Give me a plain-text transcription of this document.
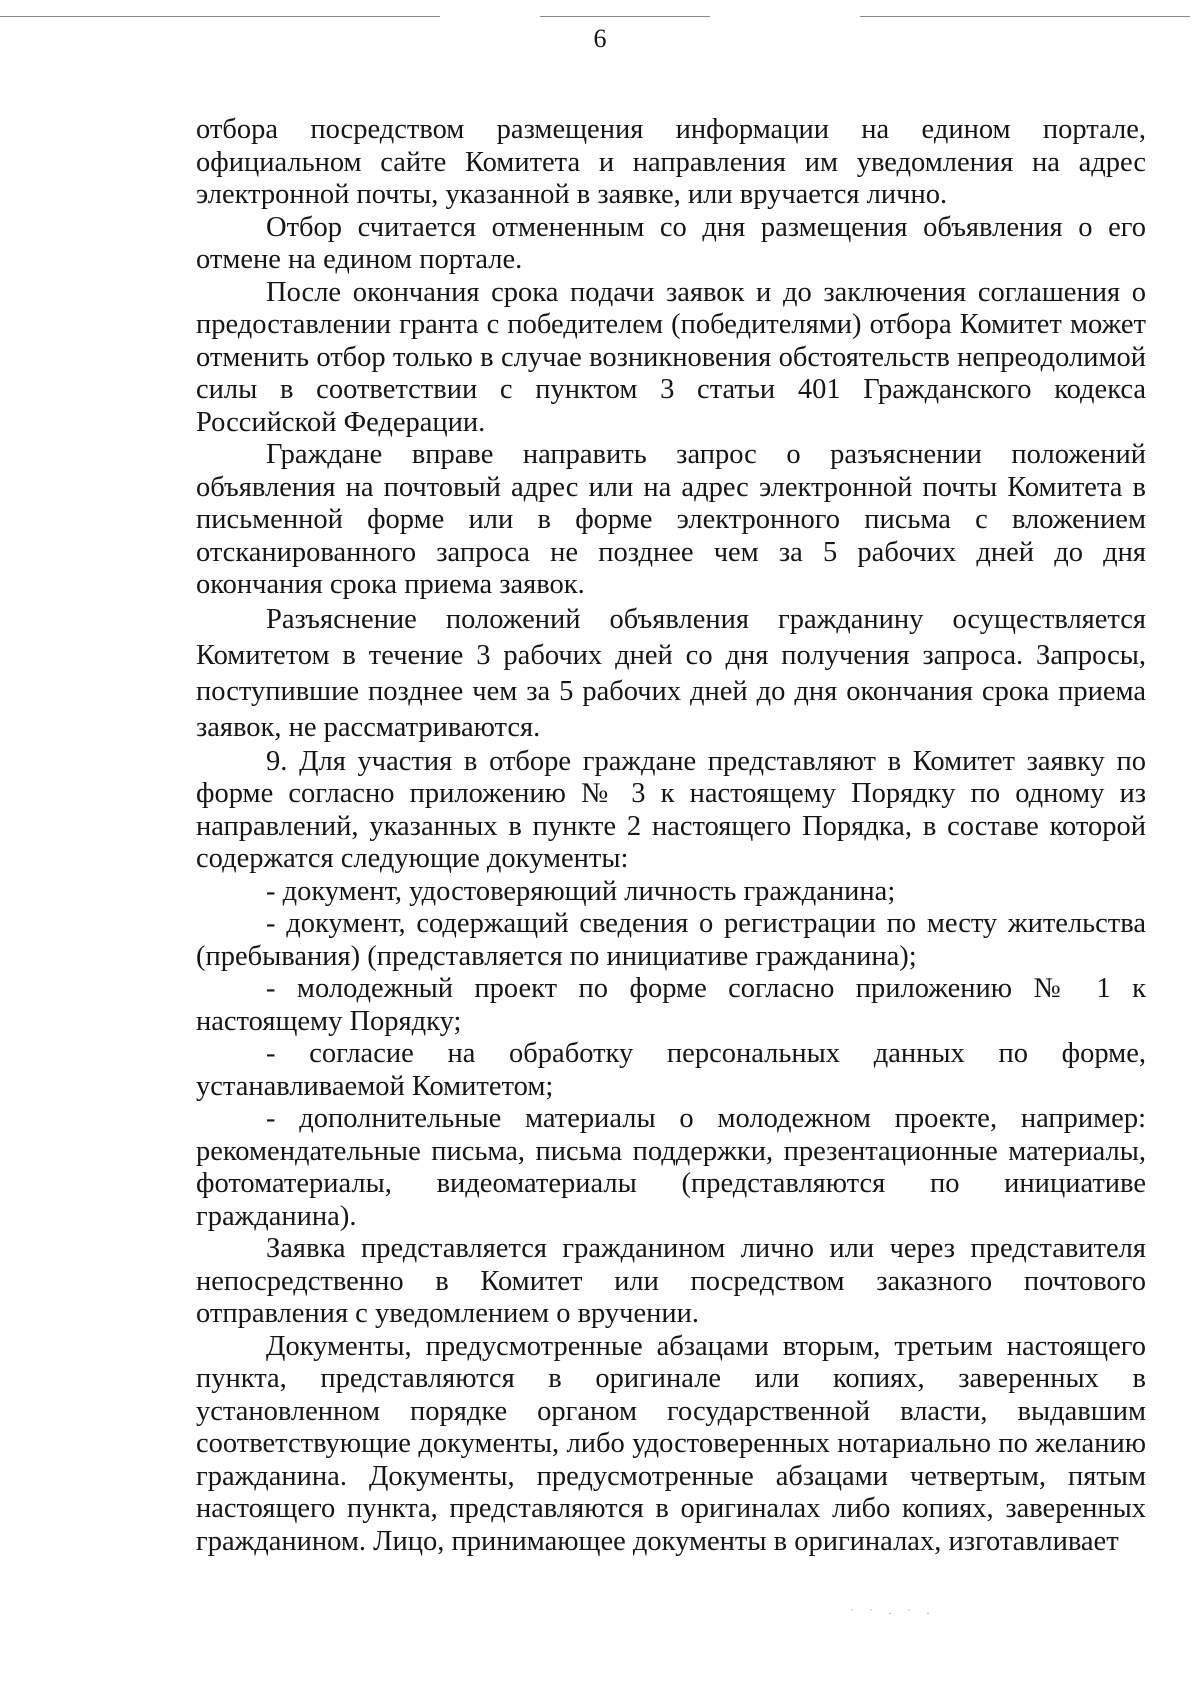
6

отбора посредством размещения информации на едином портале, официальном сайте Комитета и направления им уведомления на адрес электронной почты, указанной в заявке, или вручается лично.

Отбор считается отмененным со дня размещения объявления о его отмене на едином портале.

После окончания срока подачи заявок и до заключения соглашения о предоставлении гранта с победителем (победителями) отбора Комитет может отменить отбор только в случае возникновения обстоятельств непреодолимой силы в соответствии с пунктом 3 статьи 401 Гражданского кодекса Российской Федерации.

Граждане вправе направить запрос о разъяснении положений объявления на почтовый адрес или на адрес электронной почты Комитета в письменной форме или в форме электронного письма с вложением отсканированного запроса не позднее чем за 5 рабочих дней до дня окончания срока приема заявок.

Разъяснение положений объявления гражданину осуществляется Комитетом в течение 3 рабочих дней со дня получения запроса. Запросы, поступившие позднее чем за 5 рабочих дней до дня окончания срока приема заявок, не рассматриваются.

9. Для участия в отборе граждане представляют в Комитет заявку по форме согласно приложению № 3 к настоящему Порядку по одному из направлений, указанных в пункте 2 настоящего Порядка, в составе которой содержатся следующие документы:

- документ, удостоверяющий личность гражданина;

- документ, содержащий сведения о регистрации по месту жительства (пребывания) (представляется по инициативе гражданина);

- молодежный проект по форме согласно приложению № 1 к настоящему Порядку;

- согласие на обработку персональных данных по форме, устанавливаемой Комитетом;

- дополнительные материалы о молодежном проекте, например: рекомендательные письма, письма поддержки, презентационные материалы, фотоматериалы, видеоматериалы (представляются по инициативе гражданина).

Заявка представляется гражданином лично или через представителя непосредственно в Комитет или посредством заказного почтового отправления с уведомлением о вручении.

Документы, предусмотренные абзацами вторым, третьим настоящего пункта, представляются в оригинале или копиях, заверенных в установленном порядке органом государственной власти, выдавшим соответствующие документы, либо удостоверенных нотариально по желанию гражданина. Документы, предусмотренные абзацами четвертым, пятым настоящего пункта, представляются в оригиналах либо копиях, заверенных гражданином. Лицо, принимающее документы в оригиналах, изготавливает

˙ ˙ · ˙ ·
